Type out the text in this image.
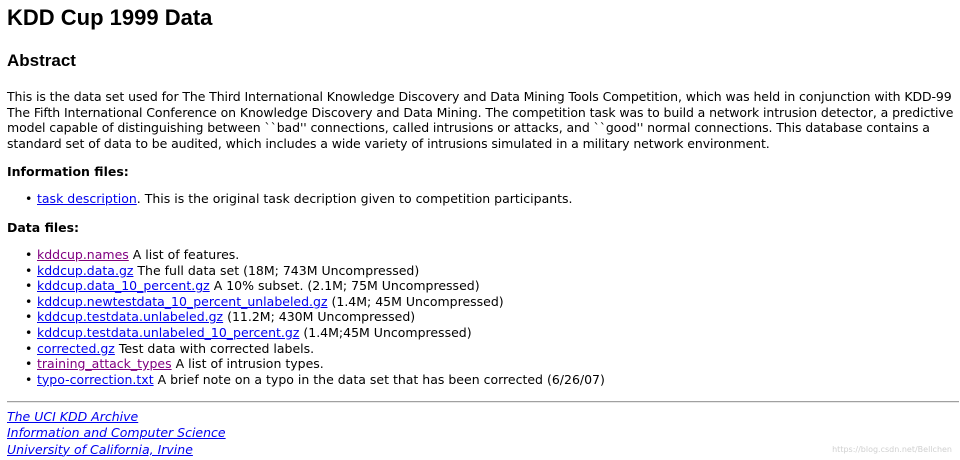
KDD Cup 1999 Data
Abstract

This is the data set used for The Third International Knowledge Discovery and Data Mining Tools Competition, which was held in conjunction with KDD-99 The Fifth International Conference on Knowledge Discovery and Data Mining. The competition task was to build a network intrusion detector, a predictive model capable of distinguishing between ``bad'' connections, called intrusions or attacks, and ``good'' normal connections. This database contains a standard set of data to be audited, which includes a wide variety of intrusions simulated in a military network environment.

Information files:

• task description. This is the original task decription given to competition participants.

Data files:

• kddcup.names A list of features.
• kddcup.data.gz The full data set (18M; 743M Uncompressed)
• kddcup.data_10_percent.gz A 10% subset. (2.1M; 75M Uncompressed)
• kddcup.newtestdata_10_percent_unlabeled.gz (1.4M; 45M Uncompressed)
• kddcup.testdata.unlabeled.gz (11.2M; 430M Uncompressed)
• kddcup.testdata.unlabeled_10_percent.gz (1.4M;45M Uncompressed)
• corrected.gz Test data with corrected labels.
• training_attack_types A list of intrusion types.
• typo-correction.txt A brief note on a typo in the data set that has been corrected (6/26/07)
The UCI KDD Archive
Information and Computer Science
University of California, Irvine	https://blog.csdn.net/Bellchen
